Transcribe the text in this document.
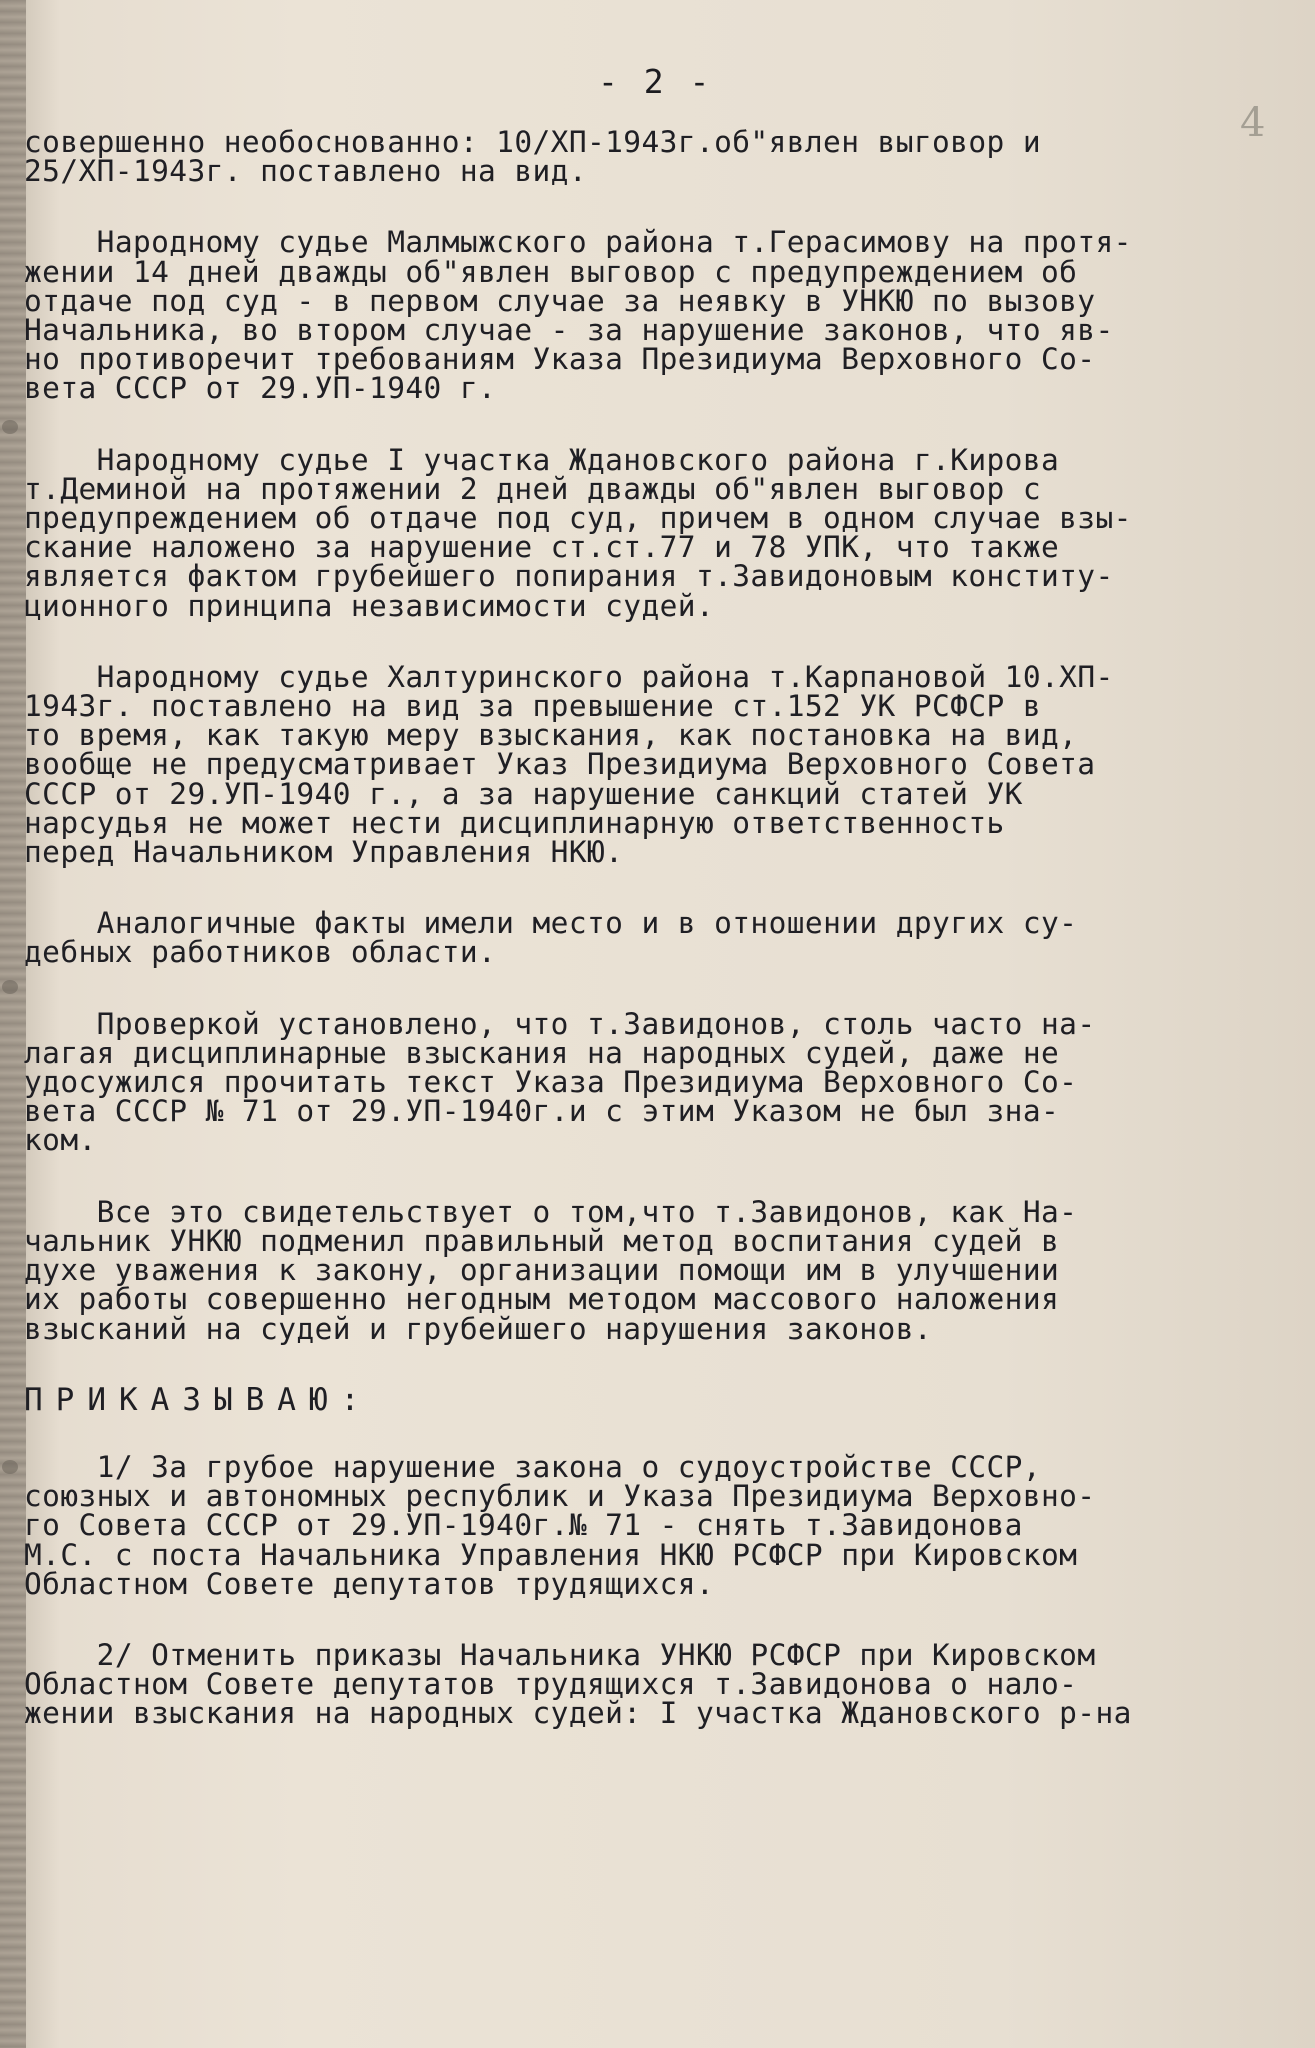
4
- 2 -
совершенно необоснованно: 10/ХП-1943г.об"явлен выговор и
25/ХП-1943г. поставлено на вид.
Народному судье Малмыжского района т.Герасимову на протя-
жении 14 дней дважды об"явлен выговор с предупреждением об
отдаче под суд - в первом случае за неявку в УНКЮ по вызову
Начальника, во втором случае - за нарушение законов, что яв-
но противоречит требованиям Указа Президиума Верховного Со-
вета СССР от 29.УП-1940 г.
Народному судье I участка Ждановского района г.Кирова
т.Деминой на протяжении 2 дней дважды об"явлен выговор с
предупреждением об отдаче под суд, причем в одном случае взы-
скание наложено за нарушение ст.ст.77 и 78 УПК, что также
является фактом грубейшего попирания т.Завидоновым конститу-
ционного принципа независимости судей.
Народному судье Халтуринского района т.Карпановой 10.ХП-
1943г. поставлено на вид за превышение ст.152 УК РСФСР в
то время, как такую меру взыскания, как постановка на вид,
вообще не предусматривает Указ Президиума Верховного Совета
СССР от 29.УП-1940 г., а за нарушение санкций статей УК
нарсудья не может нести дисциплинарную ответственность
перед Начальником Управления НКЮ.
Аналогичные факты имели место и в отношении других су-
дебных работников области.
Проверкой установлено, что т.Завидонов, столь часто на-
лагая дисциплинарные взыскания на народных судей, даже не
удосужился прочитать текст Указа Президиума Верховного Со-
вета СССР № 71 от 29.УП-1940г.и с этим Указом не был зна-
ком.
Все это свидетельствует о том,что т.Завидонов, как На-
чальник УНКЮ подменил правильный метод воспитания судей в
духе уважения к закону, организации помощи им в улучшении
их работы совершенно негодным методом массового наложения
взысканий на судей и грубейшего нарушения законов.
ПРИКАЗЫВАЮ:
1/ За грубое нарушение закона о судоустройстве СССР,
союзных и автономных республик и Указа Президиума Верховно-
го Совета СССР от 29.УП-1940г.№ 71 - снять т.Завидонова
М.С. с поста Начальника Управления НКЮ РСФСР при Кировском
Областном Совете депутатов трудящихся.
2/ Отменить приказы Начальника УНКЮ РСФСР при Кировском
Областном Совете депутатов трудящихся т.Завидонова о нало-
жении взыскания на народных судей: I участка Ждановского р-на
